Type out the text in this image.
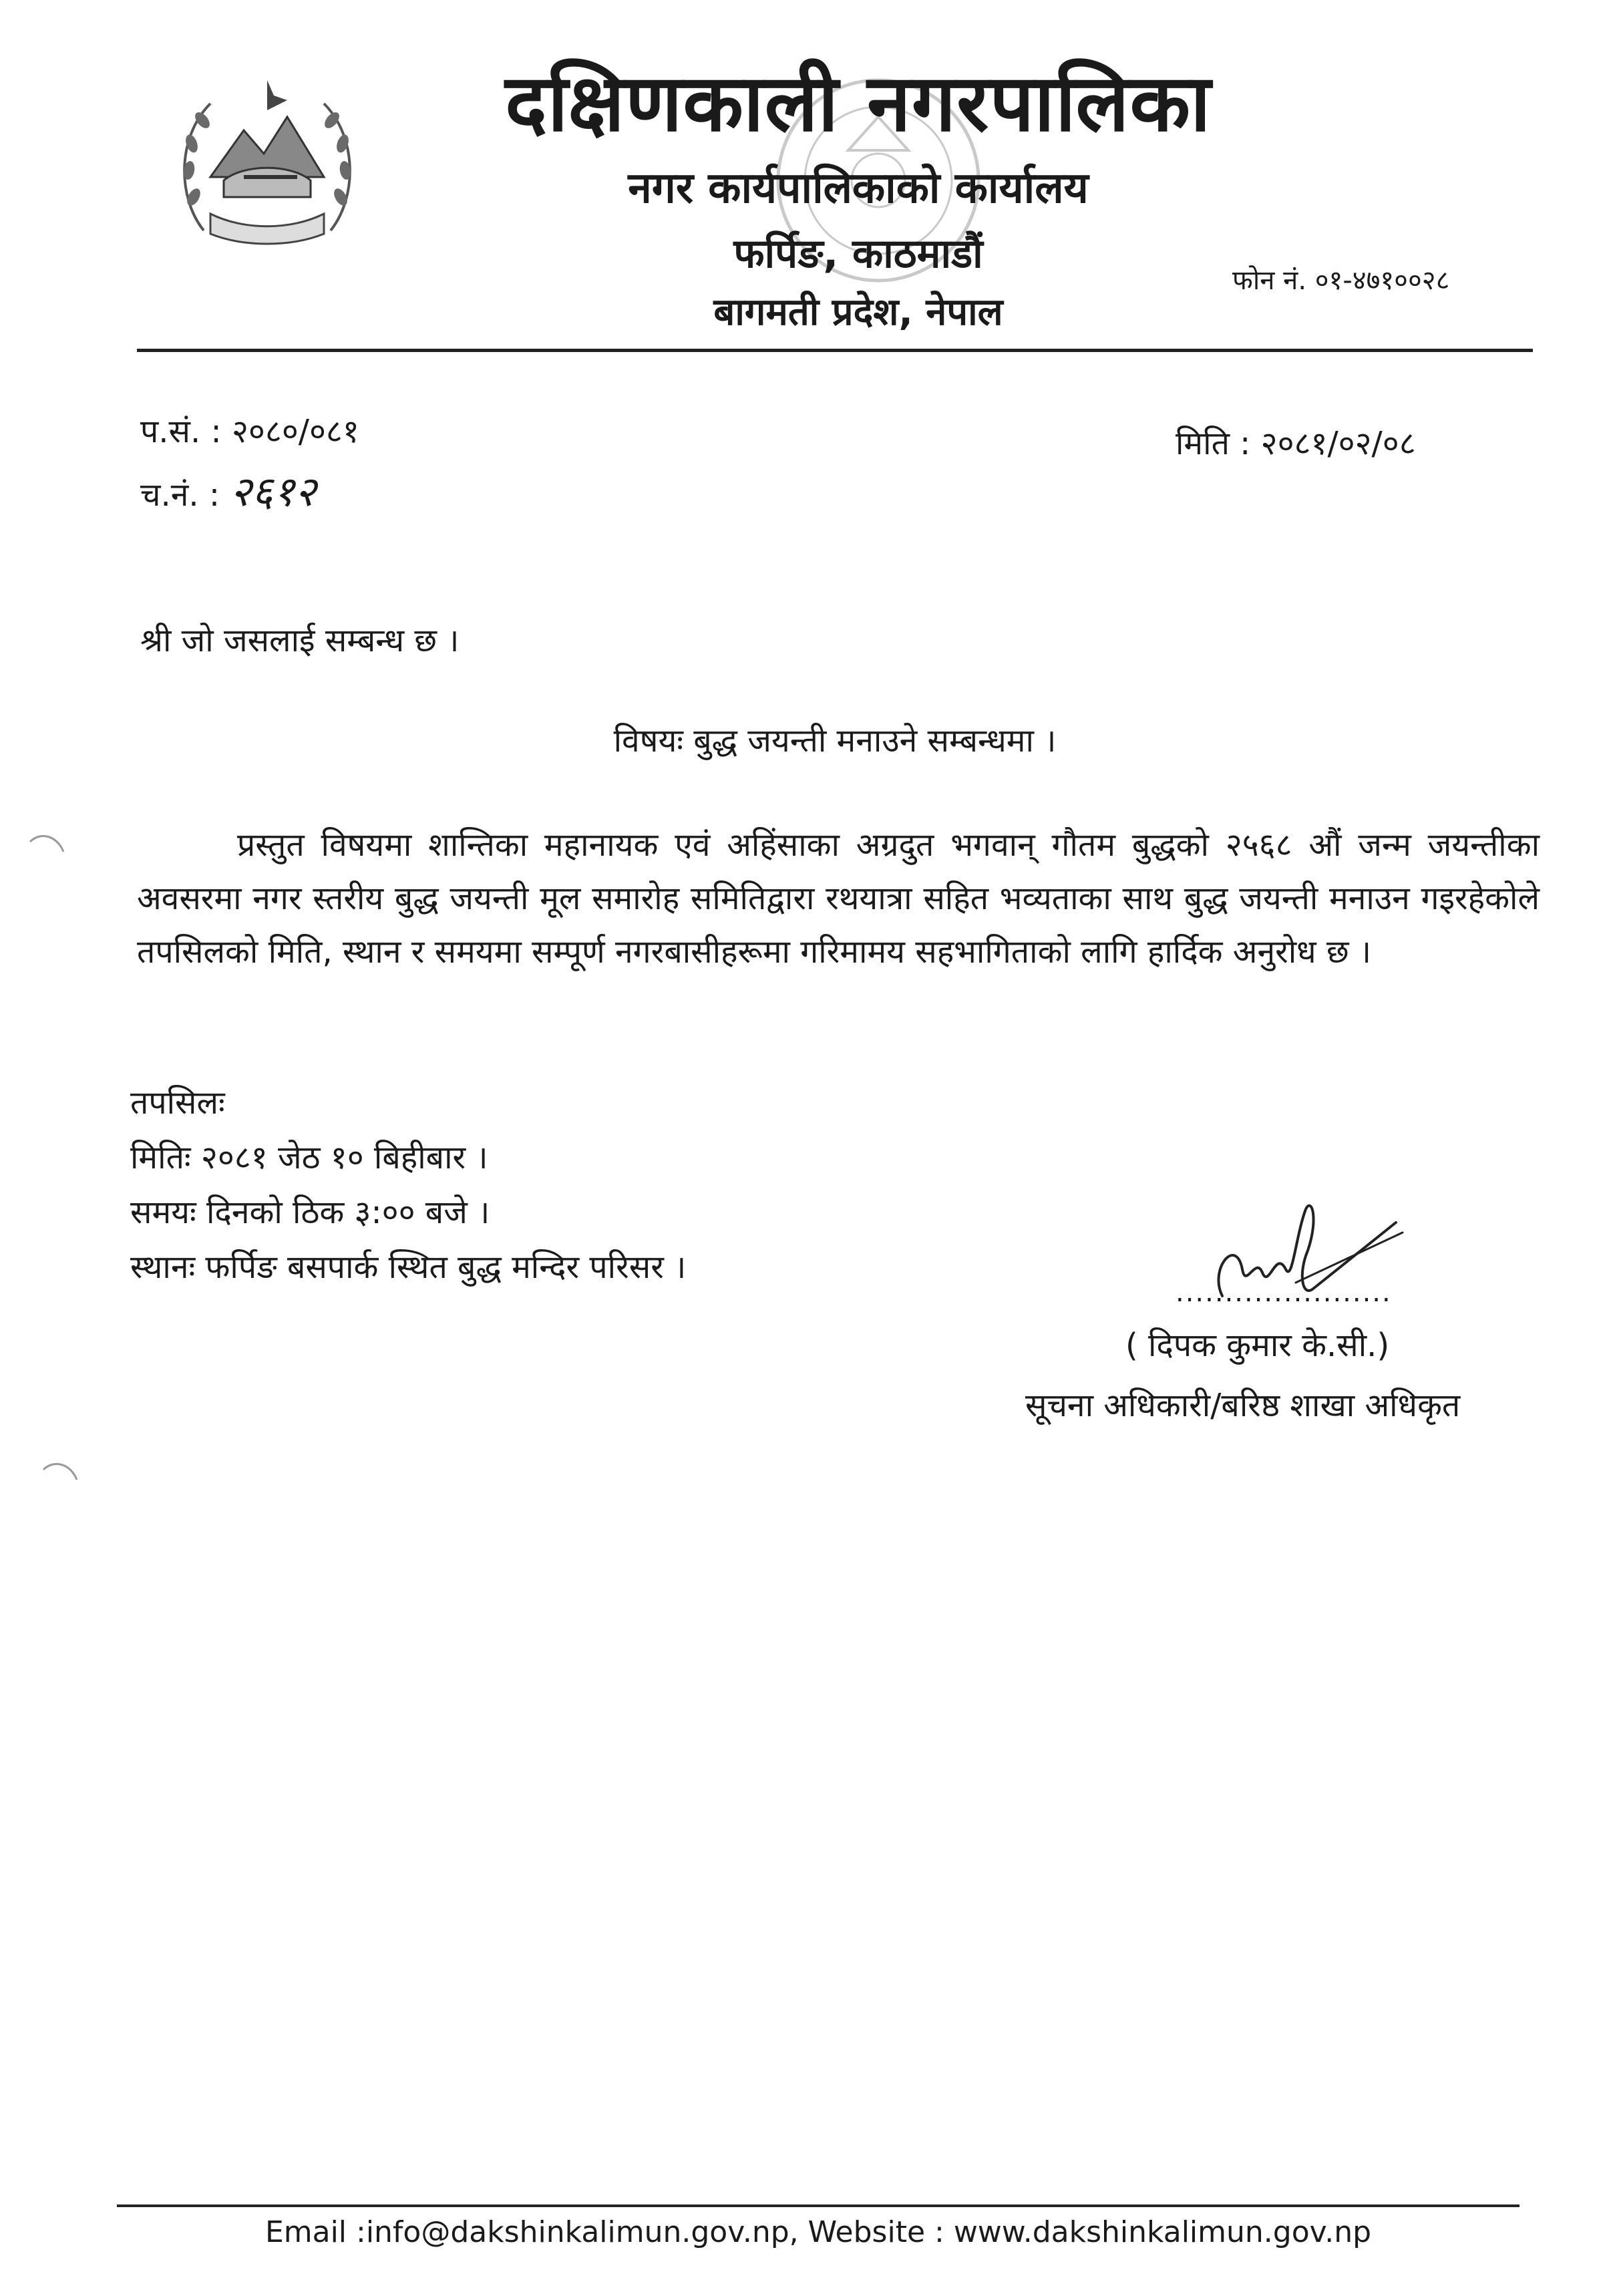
दक्षिणकाली नगरपालिका
नगर कार्यपालिकाको कार्यालय
फर्पिङ, काठमाडौं
बागमती प्रदेश, नेपाल
फोन नं. ०१-४७१००२८
प.सं. : २०८०/०८१
च.नं. : २६१२
मिति : २०८१/०२/०८
श्री जो जसलाई सम्बन्ध छ ।
विषयः बुद्ध जयन्ती मनाउने सम्बन्धमा ।

प्रस्तुत विषयमा शान्तिका महानायक एवं अहिंसाका अग्रदुत भगवान् गौतम बुद्धको २५६८ औं जन्म जयन्तीका अवसरमा नगर स्तरीय बुद्ध जयन्ती मूल समारोह समितिद्वारा रथयात्रा सहित भव्यताका साथ बुद्ध जयन्ती मनाउन गइरहेकोले तपसिलको मिति, स्थान र समयमा सम्पूर्ण नगरबासीहरूमा गरिमामय सहभागिताको लागि हार्दिक अनुरोध छ ।

तपसिलः
मितिः २०८१ जेठ १० बिहीबार ।
समयः दिनको ठिक ३:०० बजे ।
स्थानः फर्पिङ बसपार्क स्थित बुद्ध मन्दिर परिसर ।
......................
( दिपक कुमार के.सी.)
सूचना अधिकारी/बरिष्ठ शाखा अधिकृत
Email :info@dakshinkalimun.gov.np, Website : www.dakshinkalimun.gov.np
